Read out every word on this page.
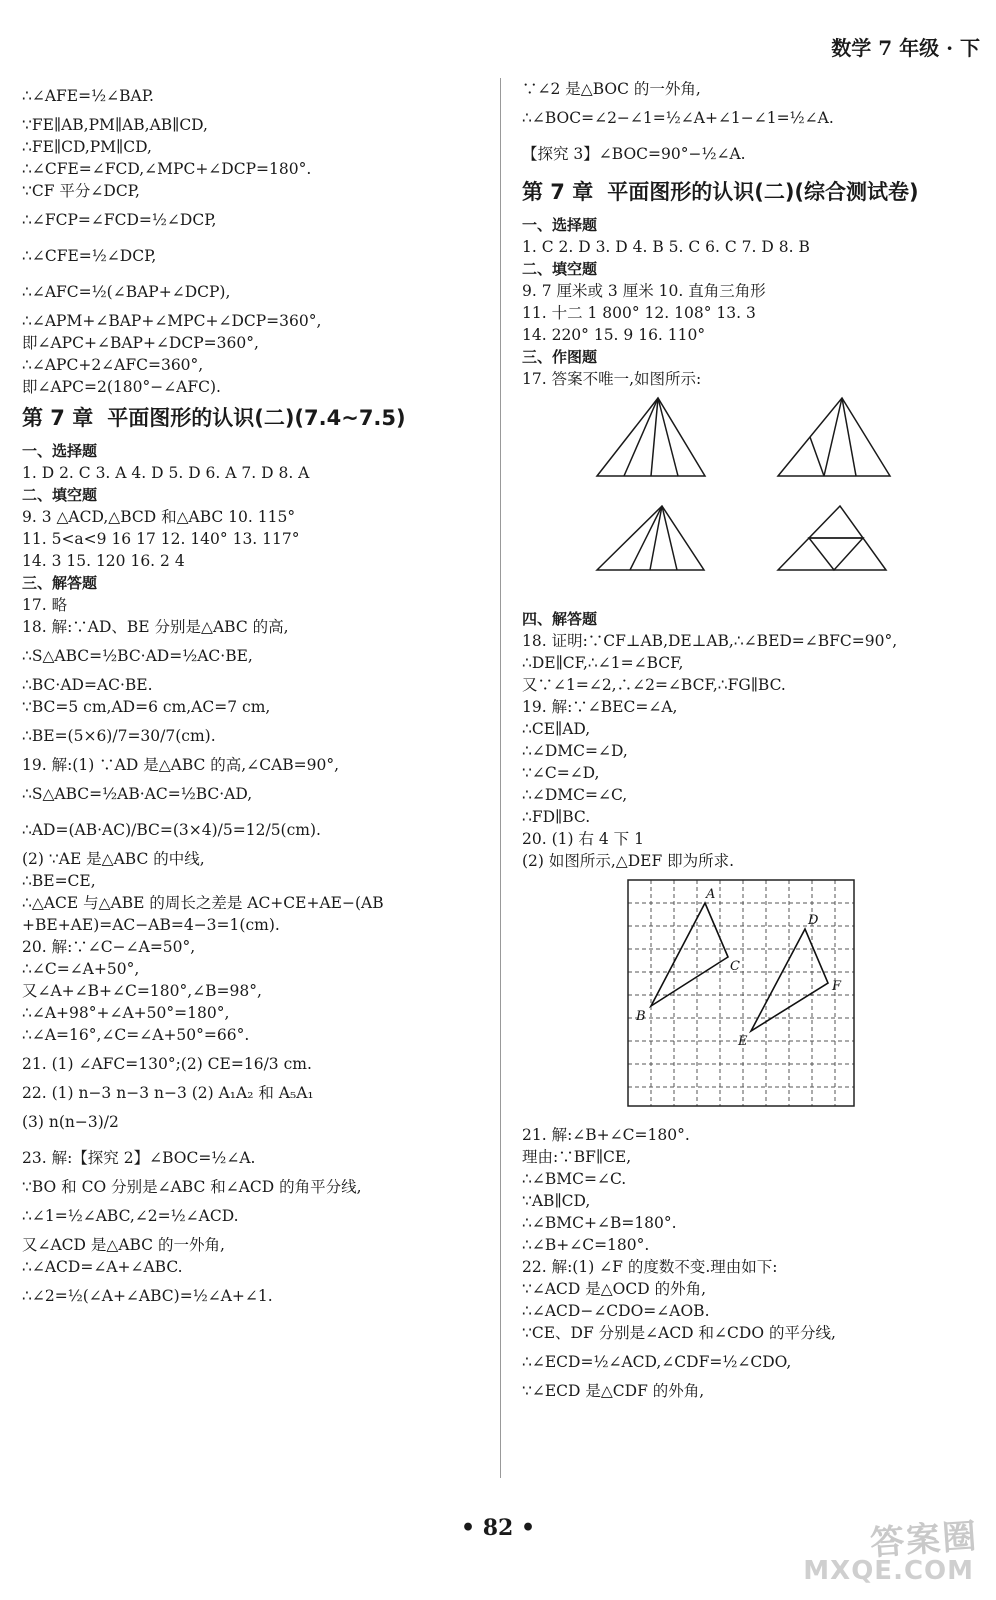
数学 7 年级 · 下
∴∠AFE=½∠BAP.
∵FE∥AB,PM∥AB,AB∥CD,
∴FE∥CD,PM∥CD,
∴∠CFE=∠FCD,∠MPC+∠DCP=180°.
∵CF 平分∠DCP,
∴∠FCP=∠FCD=½∠DCP,
∴∠CFE=½∠DCP,
∴∠AFC=½(∠BAP+∠DCP),
∴∠APM+∠BAP+∠MPC+∠DCP=360°,
即∠APC+∠BAP+∠DCP=360°,
∴∠APC+2∠AFC=360°,
即∠APC=2(180°−∠AFC).
第 7 章 平面图形的认识(二)(7.4~7.5)
一、选择题
1. D 2. C 3. A 4. D 5. D 6. A 7. D 8. A
二、填空题
9. 3 △ACD,△BCD 和△ABC 10. 115°
11. 5<a<9 16 17 12. 140° 13. 117°
14. 3 15. 120 16. 2 4
三、解答题
17. 略
18. 解:∵AD、BE 分别是△ABC 的高,
∴S△ABC=½BC·AD=½AC·BE,
∴BC·AD=AC·BE.
∵BC=5 cm,AD=6 cm,AC=7 cm,
∴BE=(5×6)/7=30/7(cm).
19. 解:(1) ∵AD 是△ABC 的高,∠CAB=90°,
∴S△ABC=½AB·AC=½BC·AD,
∴AD=(AB·AC)/BC=(3×4)/5=12/5(cm).
(2) ∵AE 是△ABC 的中线,
∴BE=CE,
∴△ACE 与△ABE 的周长之差是 AC+CE+AE−(AB
+BE+AE)=AC−AB=4−3=1(cm).
20. 解:∵∠C−∠A=50°,
∴∠C=∠A+50°,
又∠A+∠B+∠C=180°,∠B=98°,
∴∠A+98°+∠A+50°=180°,
∴∠A=16°,∠C=∠A+50°=66°.
21. (1) ∠AFC=130°;(2) CE=16/3 cm.
22. (1) n−3 n−3 n−3 (2) A₁A₂ 和 A₅A₁
(3) n(n−3)/2
23. 解:【探究 2】∠BOC=½∠A.
∵BO 和 CO 分别是∠ABC 和∠ACD 的角平分线,
∴∠1=½∠ABC,∠2=½∠ACD.
又∠ACD 是△ABC 的一外角,
∴∠ACD=∠A+∠ABC.
∴∠2=½(∠A+∠ABC)=½∠A+∠1.
∵∠2 是△BOC 的一外角,
∴∠BOC=∠2−∠1=½∠A+∠1−∠1=½∠A.
【探究 3】∠BOC=90°−½∠A.
第 7 章 平面图形的认识(二)(综合测试卷)
一、选择题
1. C 2. D 3. D 4. B 5. C 6. C 7. D 8. B
二、填空题
9. 7 厘米或 3 厘米 10. 直角三角形
11. 十二 1 800° 12. 108° 13. 3
14. 220° 15. 9 16. 110°
三、作图题
17. 答案不唯一,如图所示:
四、解答题
18. 证明:∵CF⊥AB,DE⊥AB,∴∠BED=∠BFC=90°,
∴DE∥CF,∴∠1=∠BCF,
又∵∠1=∠2,∴∠2=∠BCF,∴FG∥BC.
19. 解:∵∠BEC=∠A,
∴CE∥AD,
∴∠DMC=∠D,
∵∠C=∠D,
∴∠DMC=∠C,
∴FD∥BC.
20. (1) 右 4 下 1
(2) 如图所示,△DEF 即为所求.
A
B
C
D
E
F
21. 解:∠B+∠C=180°.
理由:∵BF∥CE,
∴∠BMC=∠C.
∵AB∥CD,
∴∠BMC+∠B=180°.
∴∠B+∠C=180°.
22. 解:(1) ∠F 的度数不变.理由如下:
∵∠ACD 是△OCD 的外角,
∴∠ACD−∠CDO=∠AOB.
∵CE、DF 分别是∠ACD 和∠CDO 的平分线,
∴∠ECD=½∠ACD,∠CDF=½∠CDO,
∵∠ECD 是△CDF 的外角,
• 82 •	答案圈
MXQE.COM
